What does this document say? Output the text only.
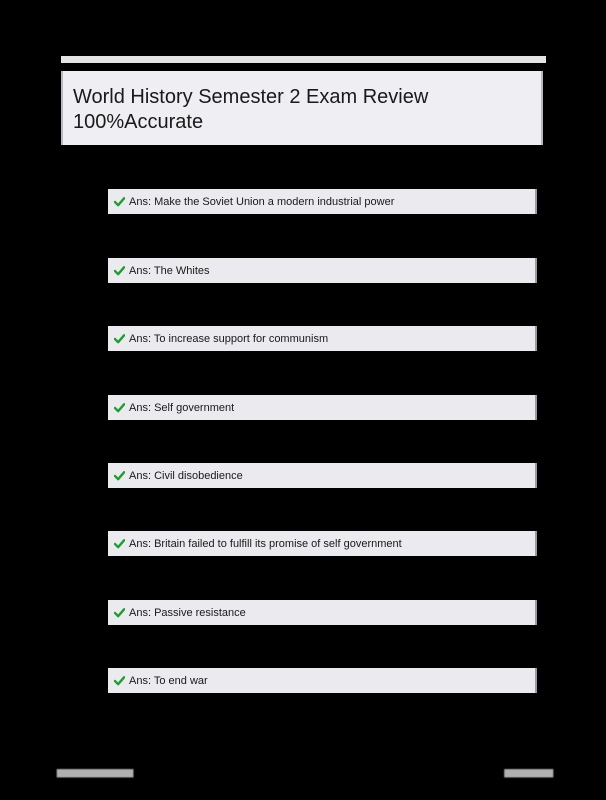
World History Semester 2 Exam Review
100%Accurate
Ans: Make the Soviet Union a modern industrial power
Ans: The Whites
Ans: To increase support for communism
Ans: Self government
Ans: Civil disobedience
Ans: Britain failed to fulfill its promise of self government
Ans: Passive resistance
Ans: To end war
▆▆▆▆▆▆▆▆▆▆▆	▆▆▆▆▆▆▆
